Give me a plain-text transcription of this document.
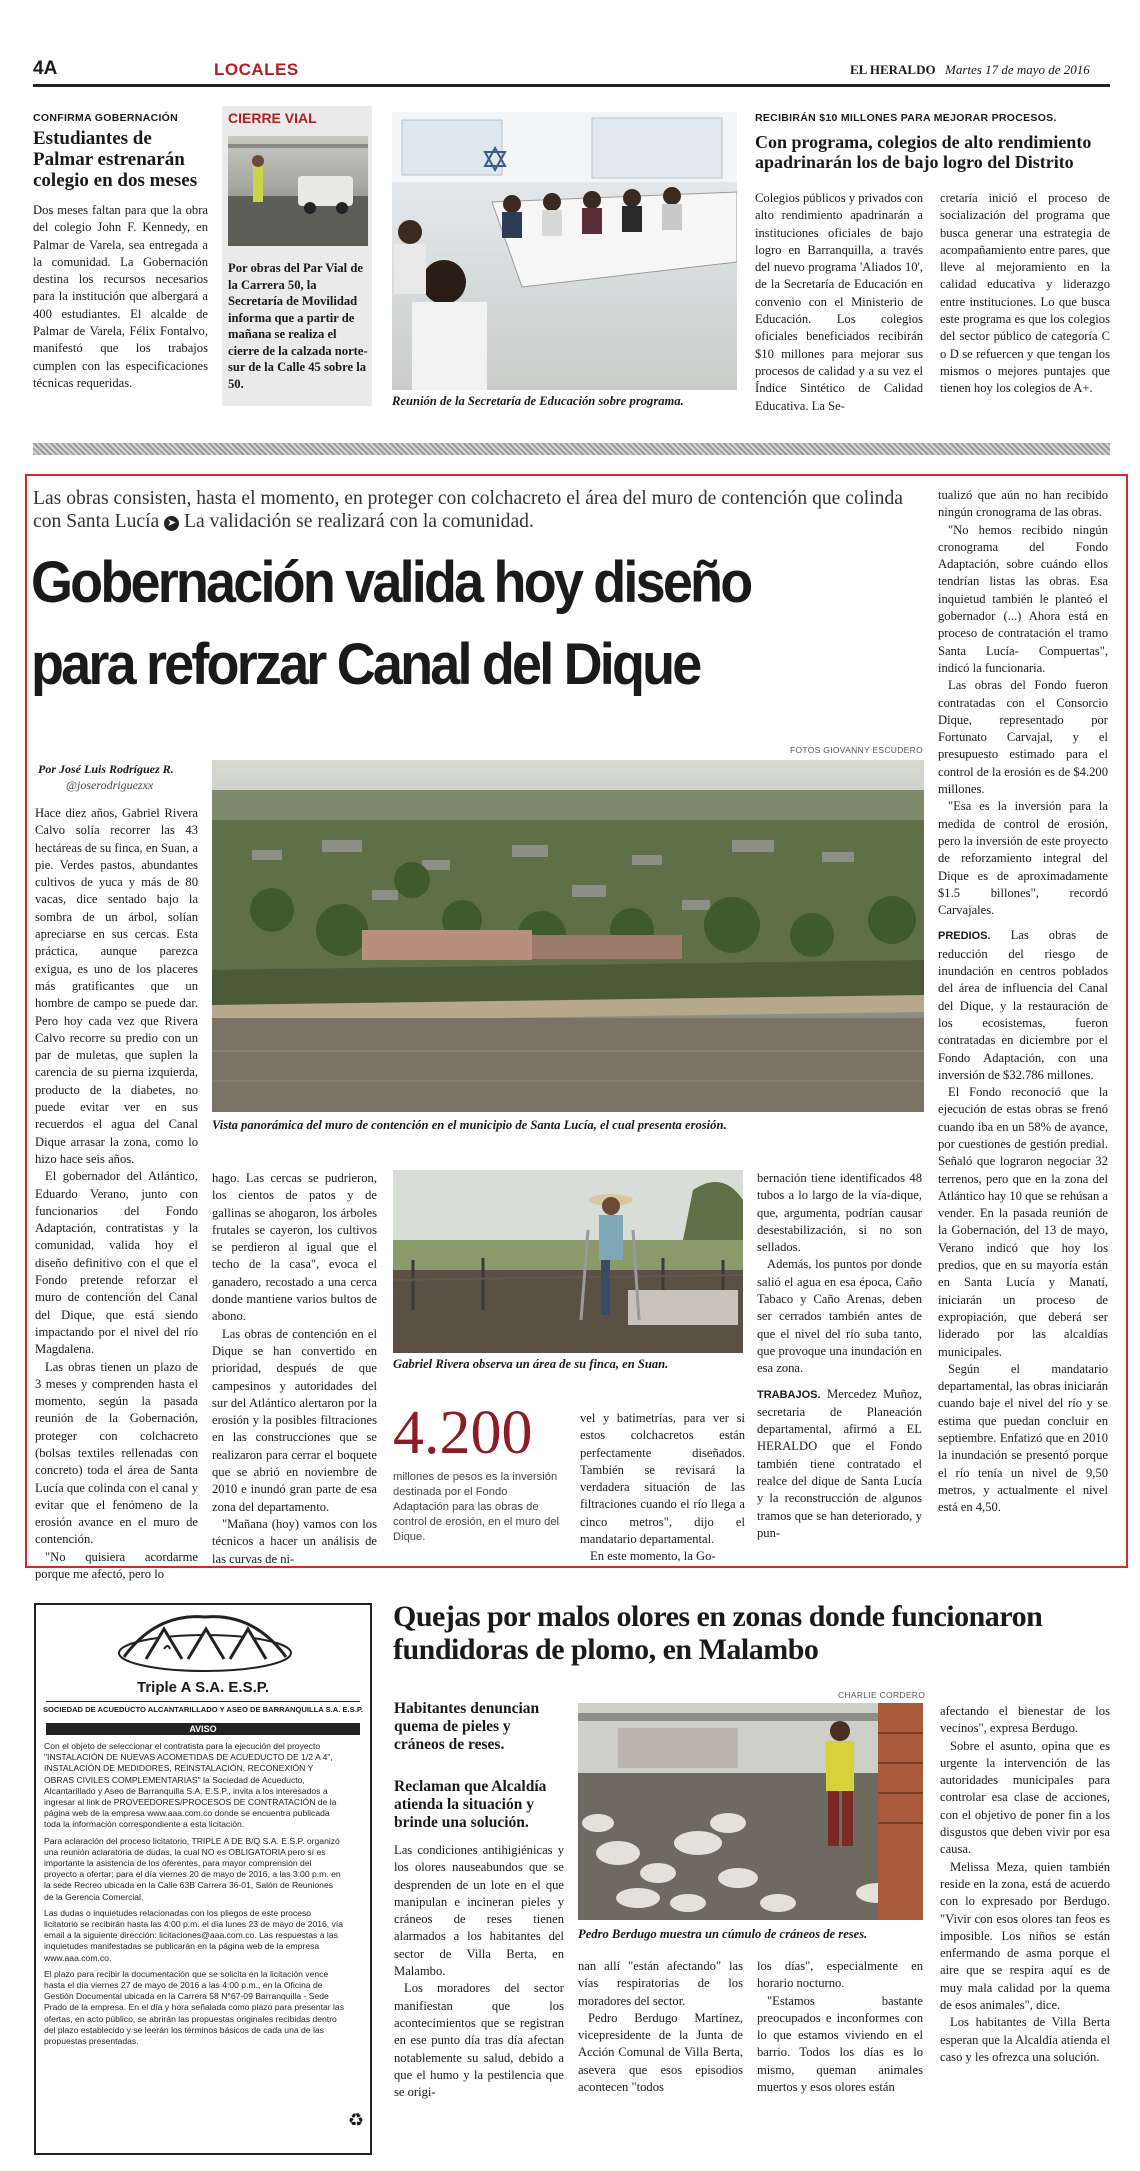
4A	LOCALES	EL HERALDO Martes 17 de mayo de 2016
CONFIRMA GOBERNACIÓN
Estudiantes de Palmar estrenarán colegio en dos meses
Dos meses faltan para que la obra del colegio John F. Kennedy, en Palmar de Varela, sea entregada a la comunidad. La Gobernación destina los recursos necesarios para la institución que albergará a 400 estudiantes. El alcalde de Palmar de Varela, Félix Fontalvo, manifestó que los trabajos cumplen con las especificaciones técnicas requeridas.
CIERRE VIAL
Por obras del Par Vial de la Carrera 50, la Secretaría de Movilidad informa que a partir de mañana se realiza el cierre de la calzada norte-sur de la Calle 45 sobre la 50.
Reunión de la Secretaría de Educación sobre programa.
RECIBIRÁN $10 MILLONES PARA MEJORAR PROCESOS.
Con programa, colegios de alto rendimiento apadrinarán los de bajo logro del Distrito
Colegios públicos y privados con alto rendimiento apadrinarán a instituciones oficiales de bajo logro en Barranquilla, a través del nuevo programa 'Aliados 10', de la Secretaría de Educación en convenio con el Ministerio de Educación. Los colegios oficiales beneficiados recibirán $10 millones para mejorar sus procesos de calidad y a su vez el Índice Sintético de Calidad Educativa. La Se-
cretaría inició el proceso de socialización del programa que busca generar una estrategia de acompañamiento entre pares, que lleve al mejoramiento en la calidad educativa y liderazgo entre instituciones. Lo que busca este programa es que los colegios del sector público de categoría C o D se refuercen y que tengan los mismos o mejores puntajes que tienen hoy los colegios de A+.
Las obras consisten, hasta el momento, en proteger con colchacreto el área del muro de contención que colinda con Santa Lucía ➤ La validación se realizará con la comunidad.
Gobernación valida hoy diseño
para reforzar Canal del Dique
Por José Luis Rodríguez R.
@joserodriguezxx
FOTOS GIOVANNY ESCUDERO
Vista panorámica del muro de contención en el municipio de Santa Lucía, el cual presenta erosión.

Hace diez años, Gabriel Rivera Calvo solía recorrer las 43 hectáreas de su finca, en Suan, a pie. Verdes pastos, abundantes cultivos de yuca y más de 80 vacas, dice sentado bajo la sombra de un árbol, solían apreciarse en sus cercas. Esta práctica, aunque parezca exigua, es uno de los placeres más gratificantes que un hombre de campo se puede dar. Pero hoy cada vez que Rivera Calvo recorre su predio con un par de muletas, que suplen la carencia de su pierna izquierda, producto de la diabetes, no puede evitar ver en sus recuerdos el agua del Canal Dique arrasar la zona, como lo hizo hace seis años.

El gobernador del Atlántico, Eduardo Verano, junto con funcionarios del Fondo Adaptación, contratistas y la comunidad, valida hoy el diseño definitivo con el que el Fondo pretende reforzar el muro de contención del Canal del Dique, que está siendo impactando por el nivel del río Magdalena.

Las obras tienen un plazo de 3 meses y comprenden hasta el momento, según la pasada reunión de la Gobernación, proteger con colchacreto (bolsas textiles rellenadas con concreto) toda el área de Santa Lucía que colinda con el canal y evitar que el fenómeno de la erosión avance en el muro de contención.

"No quisiera acordarme porque me afectó, pero lo

hago. Las cercas se pudrieron, los cientos de patos y de gallinas se ahogaron, los árboles frutales se cayeron, los cultivos se perdieron al igual que el techo de la casa", evoca el ganadero, recostado a una cerca donde mantiene varios bultos de abono.

Las obras de contención en el Dique se han convertido en prioridad, después de que campesinos y autoridades del sur del Atlántico alertaron por la erosión y la posibles filtraciones en las construcciones que se realizaron para cerrar el boquete que se abrió en noviembre de 2010 e inundó gran parte de esa zona del departamento.

"Mañana (hoy) vamos con los técnicos a hacer un análisis de las curvas de ni-

Gabriel Rivera observa un área de su finca, en Suan.
4.200
millones de pesos es la inversión destinada por el Fondo Adaptación para las obras de control de erosión, en el muro del Dique.

vel y batimetrías, para ver si estos colchacretos están perfectamente diseñados. También se revisará la verdadera situación de las filtraciones cuando el río llega a cinco metros", dijo el mandatario departamental.

En este momento, la Go-

bernación tiene identificados 48 tubos a lo largo de la vía-dique, que, argumenta, podrían causar desestabilización, si no son sellados.

Además, los puntos por donde salió el agua en esa época, Caño Tabaco y Caño Arenas, deben ser cerrados también antes de que el nivel del río suba tanto, que provoque una inundación en esa zona.

TRABAJOS. Mercedez Muñoz, secretaria de Planeación departamental, afirmó a EL HERALDO que el Fondo también tiene contratado el realce del dique de Santa Lucía y la reconstrucción de algunos tramos que se han deteriorado, y pun-

tualizó que aún no han recibido ningún cronograma de las obras.

"No hemos recibido ningún cronograma del Fondo Adaptación, sobre cuándo ellos tendrían listas las obras. Esa inquietud también le planteó el gobernador (...) Ahora está en proceso de contratación el tramo Santa Lucía- Compuertas", indicó la funcionaria.

Las obras del Fondo fueron contratadas con el Consorcio Dique, representado por Fortunato Carvajal, y el presupuesto estimado para el control de la erosión es de $4.200 millones.

"Esa es la inversión para la medida de control de erosión, pero la inversión de este proyecto de reforzamiento integral del Dique es de aproximadamente $1.5 billones", recordó Carvajales.

PREDIOS. Las obras de reducción del riesgo de inundación en centros poblados del área de influencia del Canal del Dique, y la restauración de los ecosistemas, fueron contratadas en diciembre por el Fondo Adaptación, con una inversión de $32.786 millones.

El Fondo reconoció que la ejecución de estas obras se frenó cuando iba en un 58% de avance, por cuestiones de gestión predial. Señaló que lograron negociar 32 terrenos, pero que en la zona del Atlántico hay 10 que se rehúsan a vender. En la pasada reunión de la Gobernación, del 13 de mayo, Verano indicó que hoy los predios, que en su mayoría están en Santa Lucía y Manatí, iniciarán un proceso de expropiación, que deberá ser liderado por las alcaldías municipales.

Según el mandatario departamental, las obras iniciarán cuando baje el nivel del río y se estima que puedan concluir en septiembre. Enfatizó que en 2010 la inundación se presentó porque el río tenía un nivel de 9,50 metros, y actualmente el nivel está en 4,50.

Triple A S.A. E.S.P.
SOCIEDAD DE ACUEDUCTO ALCANTARILLADO Y ASEO DE BARRANQUILLA S.A. E.S.P.
AVISO

Con el objeto de seleccionar el contratista para la ejecución del proyecto "INSTALACIÓN DE NUEVAS ACOMETIDAS DE ACUEDUCTO DE 1/2 A 4", INSTALACIÓN DE MEDIDORES, REINSTALACIÓN, RECONEXIÓN Y OBRAS CIVILES COMPLEMENTARIAS" la Sociedad de Acueducto, Alcantarillado y Aseo de Barranquilla S.A. E.S.P., invita a los interesados a ingresar al link de PROVEEDORES/PROCESOS DE CONTRATACIÓN de la página web de la empresa www.aaa.com.co donde se encuentra publicada toda la información correspondiente a esta licitación.

Para aclaración del proceso licitatorio, TRIPLE A DE B/Q S.A. E.S.P. organizó una reunión aclaratoria de dudas, la cual NO es OBLIGATORIA pero sí es importante la asistencia de los oferentes, para mayor comprensión del proyecto a ofertar; para el día viernes 20 de mayo de 2016, a las 3:00 p.m. en la sede Recreo ubicada en la Calle 63B Carrera 36-01, Salón de Reuniones de la Gerencia Comercial.

Las dudas o inquietudes relacionadas con los pliegos de este proceso licitatorio se recibirán hasta las 4:00 p.m. el día lunes 23 de mayo de 2016, vía email a la siguiente dirección: licitaciones@aaa.com.co. Las respuestas a las inquietudes manifestadas se publicarán en la página web de la empresa www.aaa.com.co.

El plazo para recibir la documentación que se solicita en la licitación vence hasta el día viernes 27 de mayo de 2016 a las 4:00 p.m., en la Oficina de Gestión Documental ubicada en la Carrera 58 N°67-09 Barranquilla - Sede Prado de la empresa. En el día y hora señalada como plazo para presentar las ofertas, en acto público, se abrirán las propuestas originales recibidas dentro del plazo establecido y se leerán los términos básicos de cada una de las propuestas presentadas.

♻
Quejas por malos olores en zonas donde funcionaron fundidoras de plomo, en Malambo
Habitantes denuncian quema de pieles y cráneos de reses.
Reclaman que Alcaldía atienda la situación y brinde una solución.
CHARLIE CORDERO
Pedro Berdugo muestra un cúmulo de cráneos de reses.

Las condiciones antihigiénicas y los olores nauseabundos que se desprenden de un lote en el que manipulan e incineran pieles y cráneos de reses tienen alarmados a los habitantes del sector de Villa Berta, en Malambo.

Los moradores del sector manifiestan que los acontecimientos que se registran en ese punto día tras día afectan notablemente su salud, debido a que el humo y la pestilencia que se origi-

nan allí "están afectando" las vías respiratorias de los moradores del sector.

Pedro Berdugo Martínez, vicepresidente de la Junta de Acción Comunal de Villa Berta, asevera que esos episodios acontecen "todos

los días", especialmente en horario nocturno.

"Estamos bastante preocupados e inconformes con lo que estamos viviendo en el barrio. Todos los días es lo mismo, queman animales muertos y esos olores están

afectando el bienestar de los vecinos", expresa Berdugo.

Sobre el asunto, opina que es urgente la intervención de las autoridades municipales para controlar esa clase de acciones, con el objetivo de poner fin a los disgustos que deben vivir por esa causa.

Melissa Meza, quien también reside en la zona, está de acuerdo con lo expresado por Berdugo. "Vivir con esos olores tan feos es imposible. Los niños se están enfermando de asma porque el aire que se respira aquí es de muy mala calidad por la quema de esos animales", dice.

Los habitantes de Villa Berta esperan que la Alcaldía atienda el caso y les ofrezca una solución.
